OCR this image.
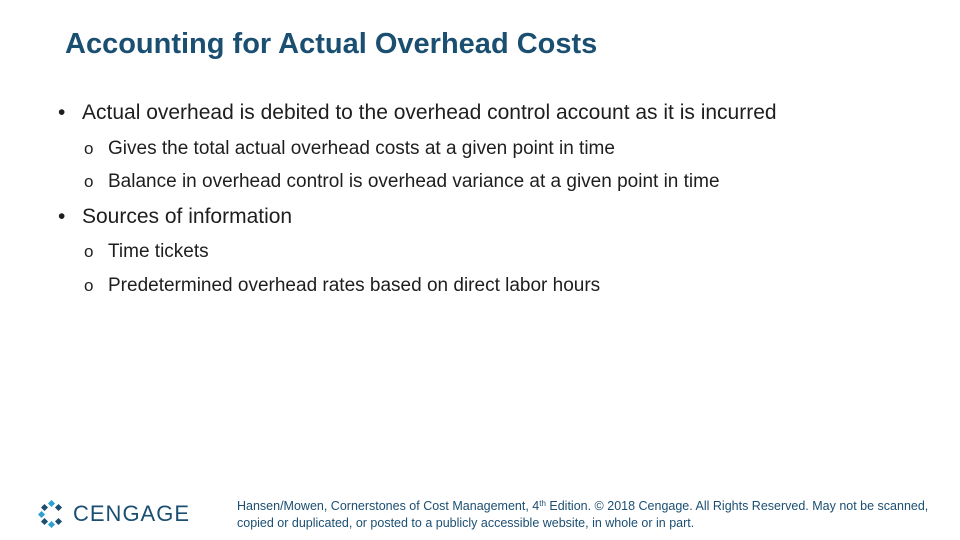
Accounting for Actual Overhead Costs
• Actual overhead is debited to the overhead control account as it is incurred
o Gives the total actual overhead costs at a given point in time
o Balance in overhead control is overhead variance at a given point in time
• Sources of information
o Time tickets
o Predetermined overhead rates based on direct labor hours
CENGAGE	Hansen/Mowen, Cornerstones of Cost Management, 4th Edition. © 2018 Cengage. All Rights Reserved. May not be scanned, copied or duplicated, or posted to a publicly accessible website, in whole or in part.
